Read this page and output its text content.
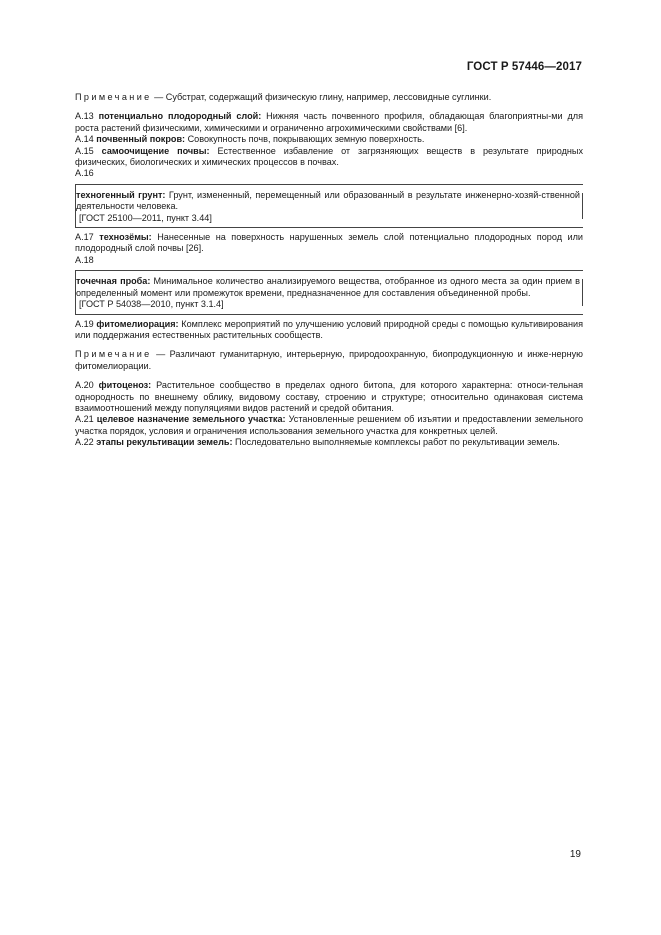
ГОСТ Р 57446—2017

Примечание — Субстрат, содержащий физическую глину, например, лессовидные суглинки.

А.13 потенциально плодородный слой: Нижняя часть почвенного профиля, обладающая благоприятны-ми для роста растений физическими, химическими и ограниченно агрохимическими свойствами [6].

А.14 почвенный покров: Совокупность почв, покрывающих земную поверхность.

А.15 самоочищение почвы: Естественное избавление от загрязняющих веществ в результате природных физических, биологических и химических процессов в почвах.

А.16

техногенный грунт: Грунт, измененный, перемещенный или образованный в результате инженерно-хозяй-ственной деятельности человека.

[ГОСТ 25100—2011, пункт 3.44]

А.17 технозёмы: Нанесенные на поверхность нарушенных земель слой потенциально плодородных пород или плодородный слой почвы [26].

А.18

точечная проба: Минимальное количество анализируемого вещества, отобранное из одного места за один прием в определенный момент или промежуток времени, предназначенное для составления объединенной пробы.

[ГОСТ Р 54038—2010, пункт 3.1.4]

А.19 фитомелиорация: Комплекс мероприятий по улучшению условий природной среды с помощью культивирования или поддержания естественных растительных сообществ.

Примечание — Различают гуманитарную, интерьерную, природоохранную, биопродукционную и инже-нерную фитомелиорации.

А.20 фитоценоз: Растительное сообщество в пределах одного битопа, для которого характерна: относи-тельная однородность по внешнему облику, видовому составу, строению и структуре; относительно одинаковая система взаимоотношений между популяциями видов растений и средой обитания.

А.21 целевое назначение земельного участка: Установленные решением об изъятии и предоставлении земельного участка порядок, условия и ограничения использования земельного участка для конкретных целей.

А.22 этапы рекультивации земель: Последовательно выполняемые комплексы работ по рекультивации земель.

19
